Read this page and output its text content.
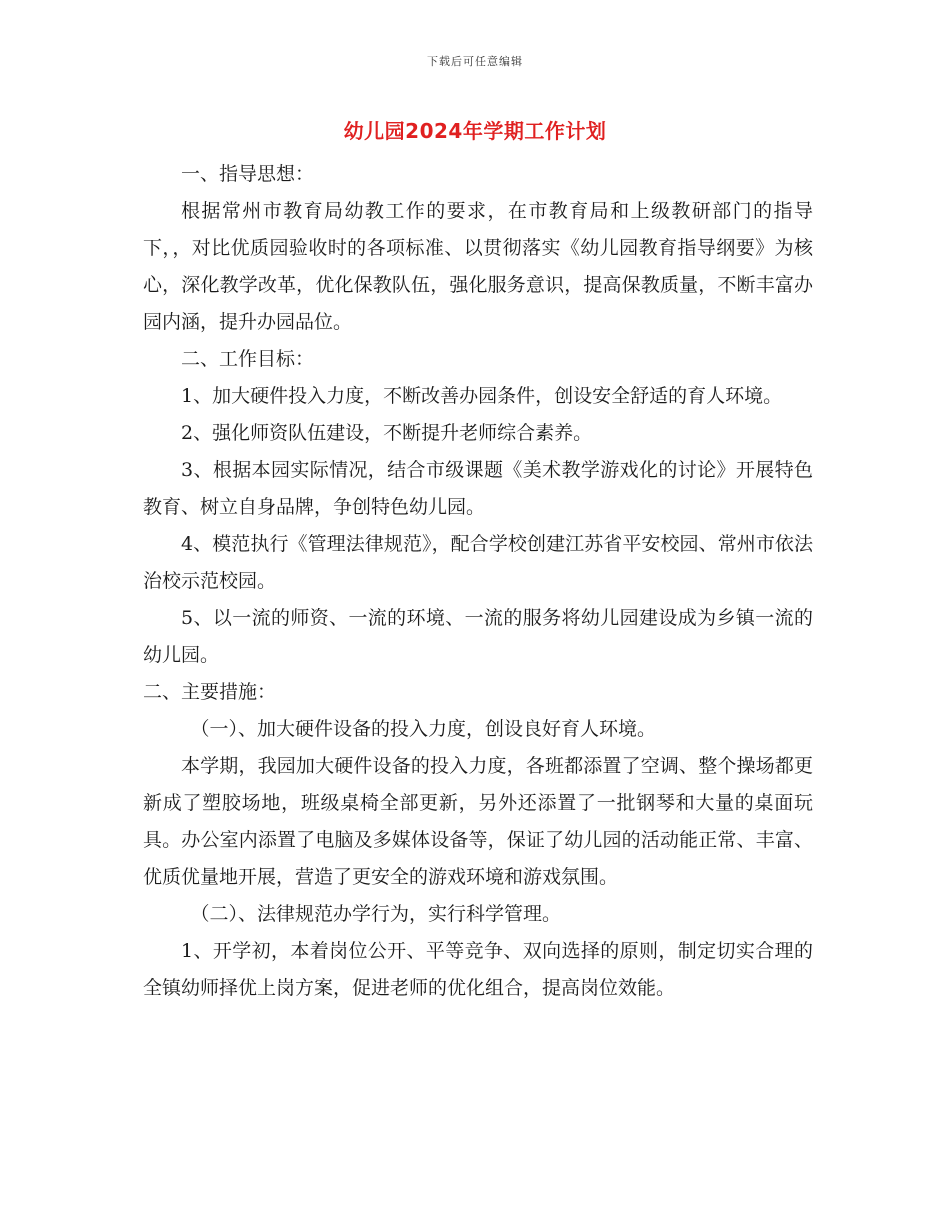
下载后可任意编辑
幼儿园2024年学期工作计划

一、指导思想：

根据常州市教育局幼教工作的要求，在市教育局和上级教研部门的指导下，，对比优质园验收时的各项标准、以贯彻落实《幼儿园教育指导纲要》为核心，深化教学改革，优化保教队伍，强化服务意识，提高保教质量，不断丰富办园内涵，提升办园品位。

二、工作目标：

1、加大硬件投入力度，不断改善办园条件，创设安全舒适的育人环境。

2、强化师资队伍建设，不断提升老师综合素养。

3、根据本园实际情况，结合市级课题《美术教学游戏化的讨论》开展特色教育、树立自身品牌，争创特色幼儿园。

4、模范执行《管理法律规范》，配合学校创建江苏省平安校园、常州市依法治校示范校园。

5、以一流的师资、一流的环境、一流的服务将幼儿园建设成为乡镇一流的幼儿园。

二、主要措施：

（一）、加大硬件设备的投入力度，创设良好育人环境。

本学期，我园加大硬件设备的投入力度，各班都添置了空调、整个操场都更新成了塑胶场地，班级桌椅全部更新，另外还添置了一批钢琴和大量的桌面玩具。办公室内添置了电脑及多媒体设备等，保证了幼儿园的活动能正常、丰富、优质优量地开展，营造了更安全的游戏环境和游戏氛围。

（二）、法律规范办学行为，实行科学管理。

1、开学初，本着岗位公开、平等竞争、双向选择的原则，制定切实合理的全镇幼师择优上岗方案，促进老师的优化组合，提高岗位效能。
